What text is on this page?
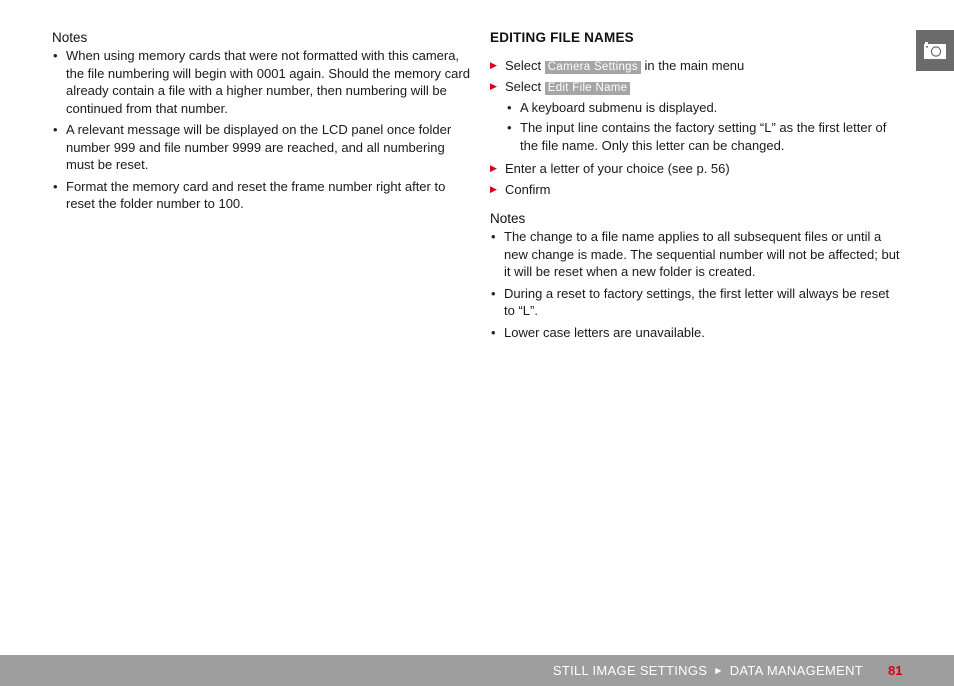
Notes
• When using memory cards that were not formatted with this camera, the file numbering will begin with 0001 again. Should the memory card already contain a file with a higher number, then numbering will be continued from that number.
• A relevant message will be displayed on the LCD panel once folder number 999 and file number 9999 are reached, and all numbering must be reset.
• Format the memory card and reset the frame number right after to reset the folder number to 100.
EDITING FILE NAMES
▶ Select Camera Settings in the main menu
▶ Select Edit File Name
• A keyboard submenu is displayed.
• The input line contains the factory setting “L” as the first letter of the file name. Only this letter can be changed.
▶ Enter a letter of your choice (see p. 56)
▶ Confirm
Notes
• The change to a file name applies to all subsequent files or until a new change is made. The sequential number will not be affected; but it will be reset when a new folder is created.
• During a reset to factory settings, the first letter will always be reset to “L”.
• Lower case letters are unavailable.
STILL IMAGE SETTINGS ▶ DATA MANAGEMENT 81
